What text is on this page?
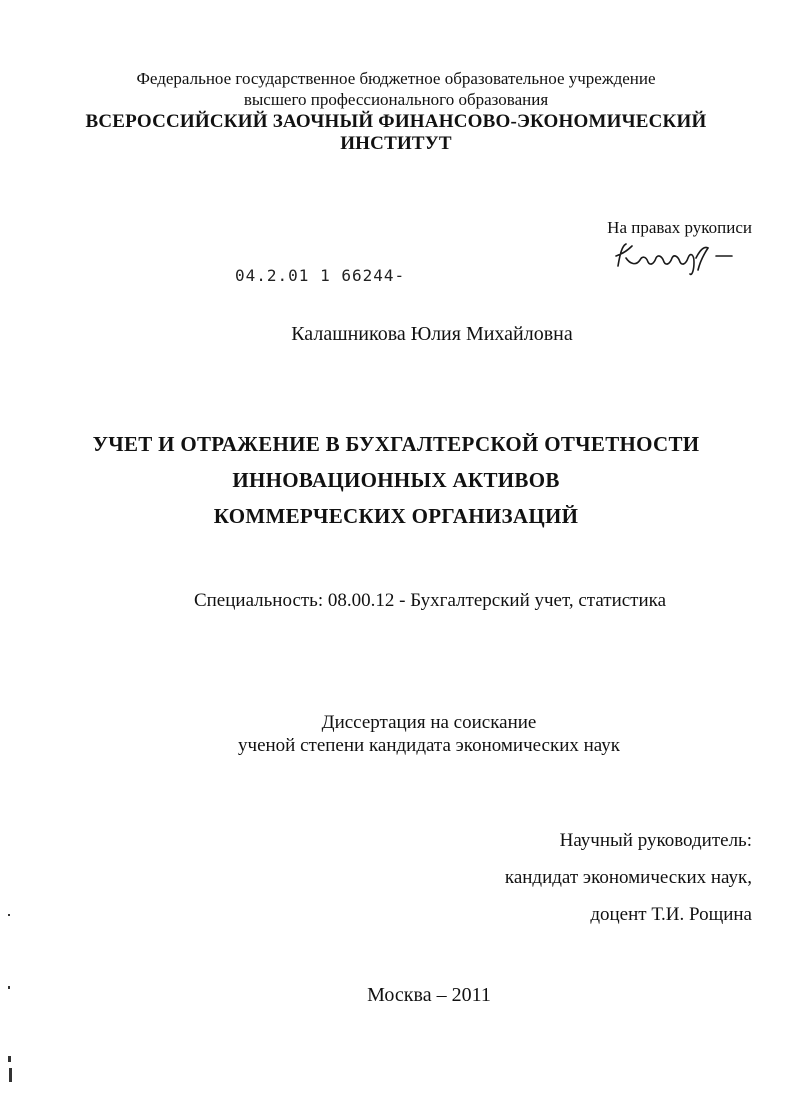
Федеральное государственное бюджетное образовательное учреждение
высшего профессионального образования
ВСЕРОССИЙСКИЙ ЗАОЧНЫЙ ФИНАНСОВО-ЭКОНОМИЧЕСКИЙ
ИНСТИТУТ
На правах рукописи
04.2.01 1 66244-
Калашникова Юлия Михайловна
УЧЕТ И ОТРАЖЕНИЕ В БУХГАЛТЕРСКОЙ ОТЧЕТНОСТИ
ИННОВАЦИОННЫХ АКТИВОВ
КОММЕРЧЕСКИХ ОРГАНИЗАЦИЙ
Специальность: 08.00.12 - Бухгалтерский учет, статистика
Диссертация на соискание
ученой степени кандидата экономических наук
Научный руководитель:
кандидат экономических наук,
доцент Т.И. Рощина
Москва – 2011
